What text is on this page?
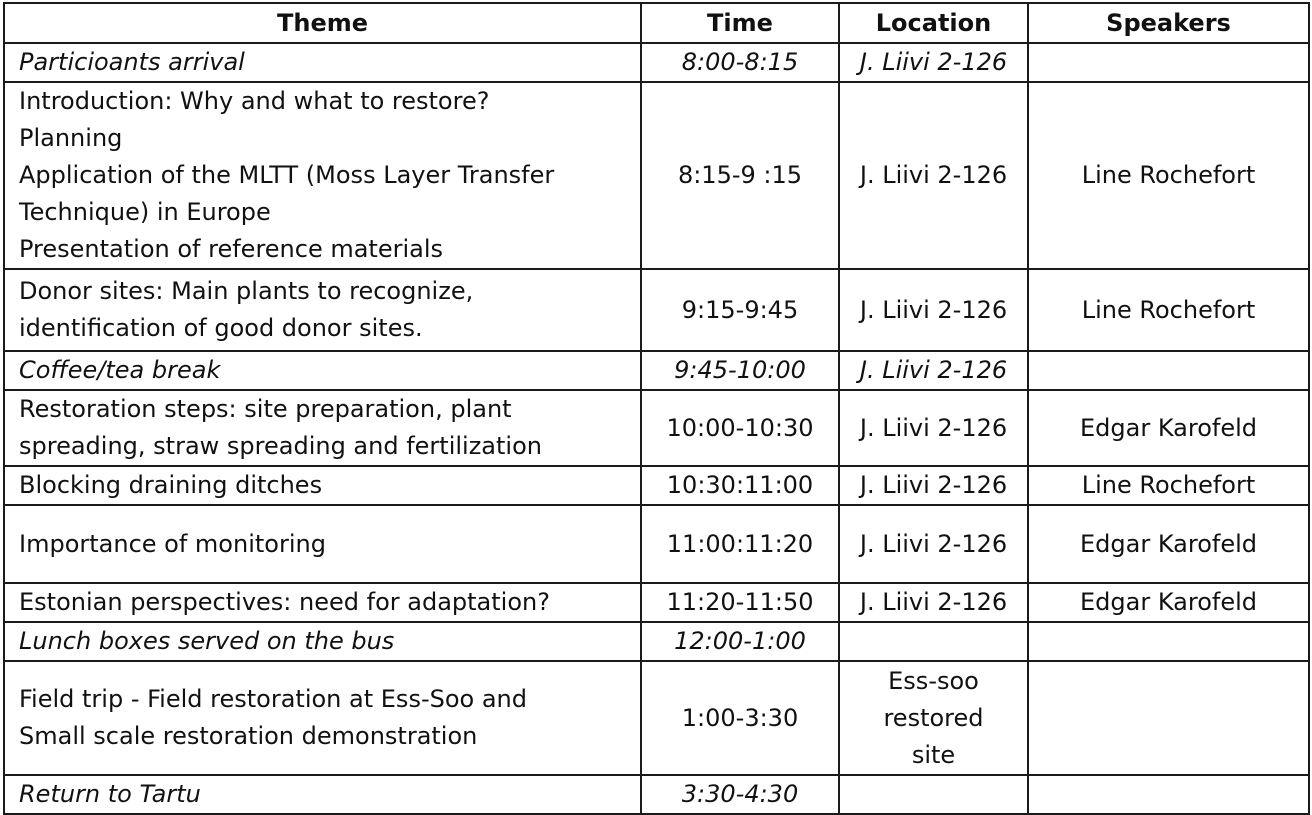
Theme	Time	Location	Speakers

Particioants arrival	8:00-8:15	J. Liivi 2-126	

Introduction: Why and what to restore?
Planning
Application of the MLTT (Moss Layer Transfer
Technique) in Europe
Presentation of reference materials	8:15-9 :15	J. Liivi 2-126	Line Rochefort

Donor sites: Main plants to recognize,
identification of good donor sites.	9:15-9:45	J. Liivi 2-126	Line Rochefort

Coffee/tea break	9:45-10:00	J. Liivi 2-126	

Restoration steps: site preparation, plant
spreading, straw spreading and fertilization	10:00-10:30	J. Liivi 2-126	Edgar Karofeld

Blocking draining ditches	10:30:11:00	J. Liivi 2-126	Line Rochefort

Importance of monitoring	11:00:11:20	J. Liivi 2-126	Edgar Karofeld

Estonian perspectives: need for adaptation?	11:20-11:50	J. Liivi 2-126	Edgar Karofeld

Lunch boxes served on the bus	12:00-1:00	

Field trip - Field restoration at Ess-Soo and
Small scale restoration demonstration	1:00-3:30	Ess-soo
restored
site	

Return to Tartu	3:30-4:30	
